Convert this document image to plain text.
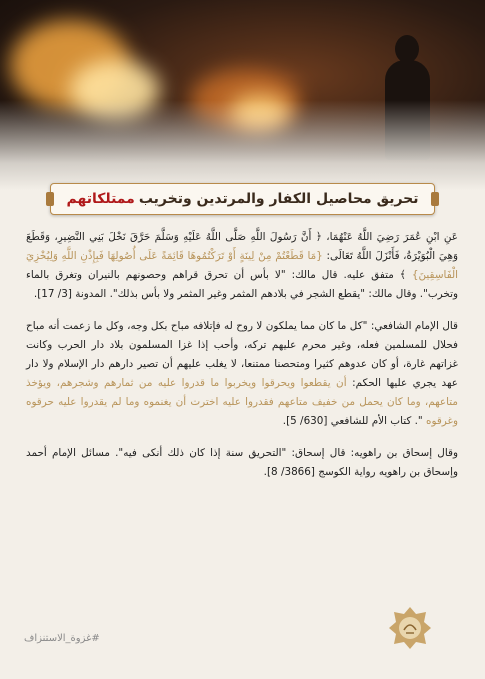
تحريق محاصيل الكفار والمرتدين وتخريب
ممتلكاتهم

عَنِ ابْنِ عُمَرَ رَضِيَ اللَّهُ عَنْهُمَا، ﴿ أَنَّ رَسُولَ اللَّهِ صَلَّى اللَّهُ عَلَيْهِ وَسَلَّمَ حَرَّقَ نَخْلَ بَنِي النَّضِيرِ، وَقَطَعَ وَهِيَ الْبُوَيْرَةُ، فَأَنْزَلَ اللَّهُ تَعَالَى: {مَا قَطَعْتُمْ مِنْ لِينَةٍ أَوْ تَرَكْتُمُوهَا قَائِمَةً عَلَى أُصُولِهَا فَبِإِذْنِ اللَّهِ وَلِيُخْزِيَ الْفَاسِقِينَ} ﴾ متفق عليه. قال مالك: "لا بأس أن تحرق قراهم وحصونهم بالنيران وتغرق بالماء وتخرب". وقال مالك: "يقطع الشجر في بلادهم المثمر وغير المثمر ولا بأس بذلك". المدونة [3/ 17].

قال الإمام الشافعي: "كل ما كان مما يملكون لا روح له فإتلافه مباح بكل وجه، وكل ما زعمت أنه مباح فحلال للمسلمين فعله، وغير محرم عليهم تركه، وأحب إذا غزا المسلمون بلاد دار الحرب وكانت غزاتهم غارة، أو كان عدوهم كثيرا ومتحصنا ممتنعا، لا يغلب عليهم أن تصير دارهم دار الإسلام ولا دار عهد يجري عليها الحكم: أن يقطعوا ويحرقوا ويخربوا ما قدروا عليه من ثمارهم وشجرهم، ويؤخذ متاعهم، وما كان يحمل من خفيف متاعهم فقدروا عليه اخترت أن يغنموه وما لم يقدروا عليه حرقوه وغرقوه ". كتاب الأم للشافعي [630/ 5].

وقال إسحاق بن راهويه: قال إسحاق: "التحريق سنة إذا كان ذلك أنكى فيه". مسائل الإمام أحمد وإسحاق بن راهويه رواية الكوسج [3866/ 8].

#غزوة_الاستنزاف
